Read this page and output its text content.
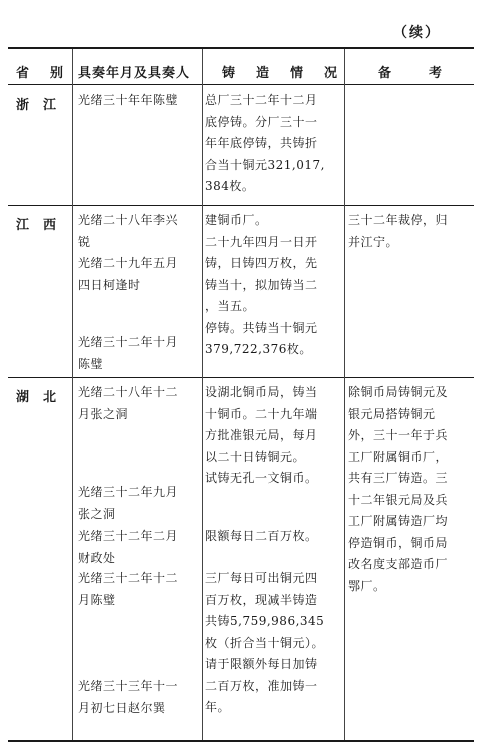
（续）
省　别 具奏年月及具奏人 铸　造　情　况	备　　考
浙江 光绪三十年年陈璧 总厂三十二年十二月
底停铸。分厂三十一
年年底停铸，共铸折
合当十铜元321,017,
384枚。
江西 光绪二十八年李兴
锐
光绪二十九年五月
四日柯逢时
光绪三十二年十月
陈璧
建铜币厂。
二十九年四月一日开
铸，日铸四万枚，先
铸当十，拟加铸当二
，当五。
停铸。共铸当十铜元
379,722,376枚。
三十二年裁停，归
并江宁。
湖北 光绪二十八年十二
月张之洞
光绪三十二年九月
张之洞
光绪三十二年二月
财政处
光绪三十二年十二
月陈璧
光绪三十三年十一
月初七日赵尔巽
设湖北铜币局，铸当
十铜币。二十九年端
方批准银元局，每月
以二十日铸铜元。
试铸无孔一文铜币。
限额每日二百万枚。
三厂每日可出铜元四
百万枚，现减半铸造
共铸5,759,986,345
枚（折合当十铜元）。
请于限额外每日加铸
二百万枚，准加铸一
年。
除铜币局铸铜元及
银元局搭铸铜元
外，三十一年于兵
工厂附属铜币厂，
共有三厂铸造。三
十二年银元局及兵
工厂附属铸造厂均
停造铜币，铜币局
改名度支部造币厂
鄂厂。
